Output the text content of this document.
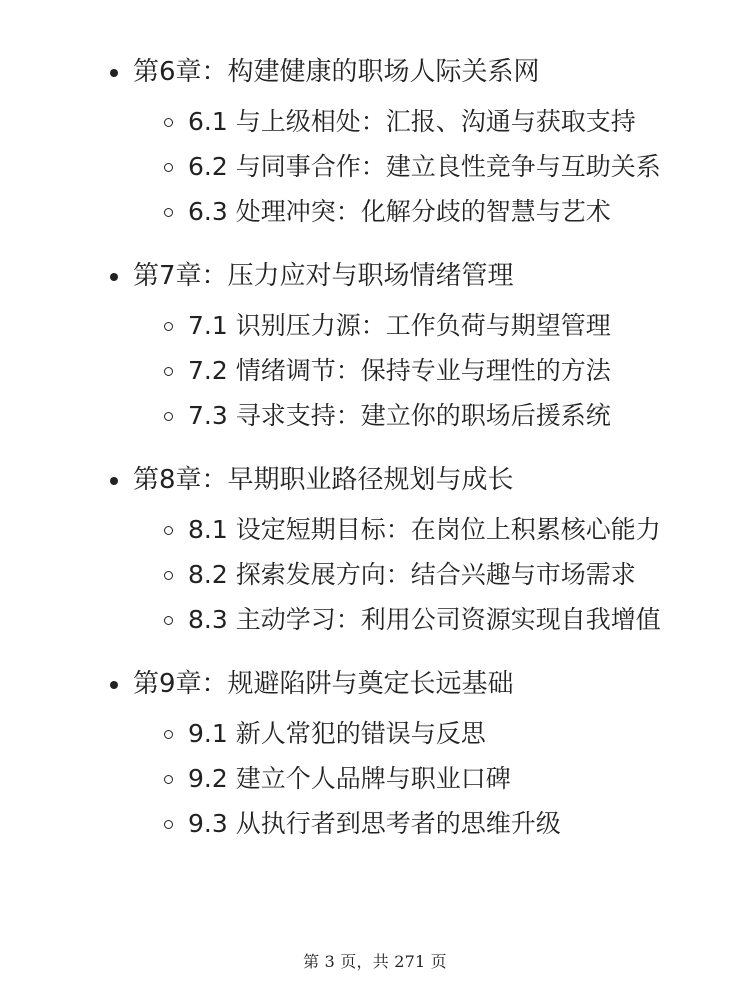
第6章：构建健康的职场人际关系网
6.1 与上级相处：汇报、沟通与获取支持
6.2 与同事合作：建立良性竞争与互助关系
6.3 处理冲突：化解分歧的智慧与艺术
第7章：压力应对与职场情绪管理
7.1 识别压力源：工作负荷与期望管理
7.2 情绪调节：保持专业与理性的方法
7.3 寻求支持：建立你的职场后援系统
第8章：早期职业路径规划与成长
8.1 设定短期目标：在岗位上积累核心能力
8.2 探索发展方向：结合兴趣与市场需求
8.3 主动学习：利用公司资源实现自我增值
第9章：规避陷阱与奠定长远基础
9.1 新人常犯的错误与反思
9.2 建立个人品牌与职业口碑
9.3 从执行者到思考者的思维升级
第 3 页，共 271 页
